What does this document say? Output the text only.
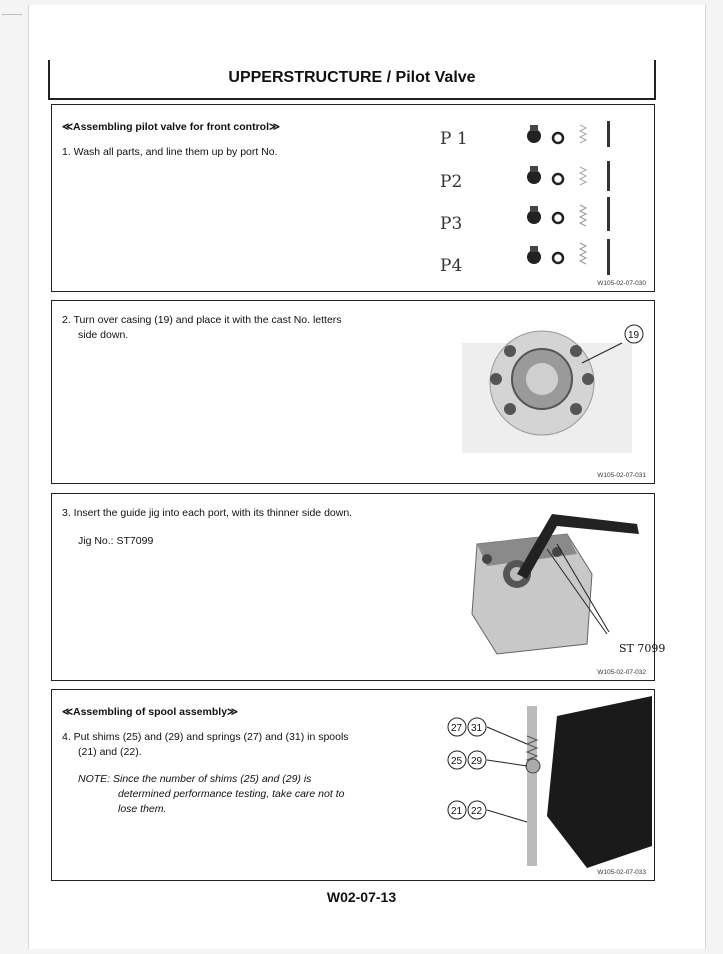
UPPERSTRUCTURE / Pilot Valve
≪Assembling pilot valve for front control≫
1. Wash all parts, and line them up by port No.
P 1
P2
P3
P4
W105-02-07-030
2. Turn over casing (19) and place it with the cast No. letters side down.	19
W105-02-07-031
3. Insert the guide jig into each port, with its thinner side down.
Jig No.: ST7099
ST 7099
W105-02-07-032
≪Assembling of spool assembly≫
4. Put shims (25) and (29) and springs (27) and (31) in spools (21) and (22).
NOTE: Since the number of shims (25) and (29) is determined performance testing, take care not to lose them.
27 31
25 29
21 22
W105-02-07-033
W02-07-13
